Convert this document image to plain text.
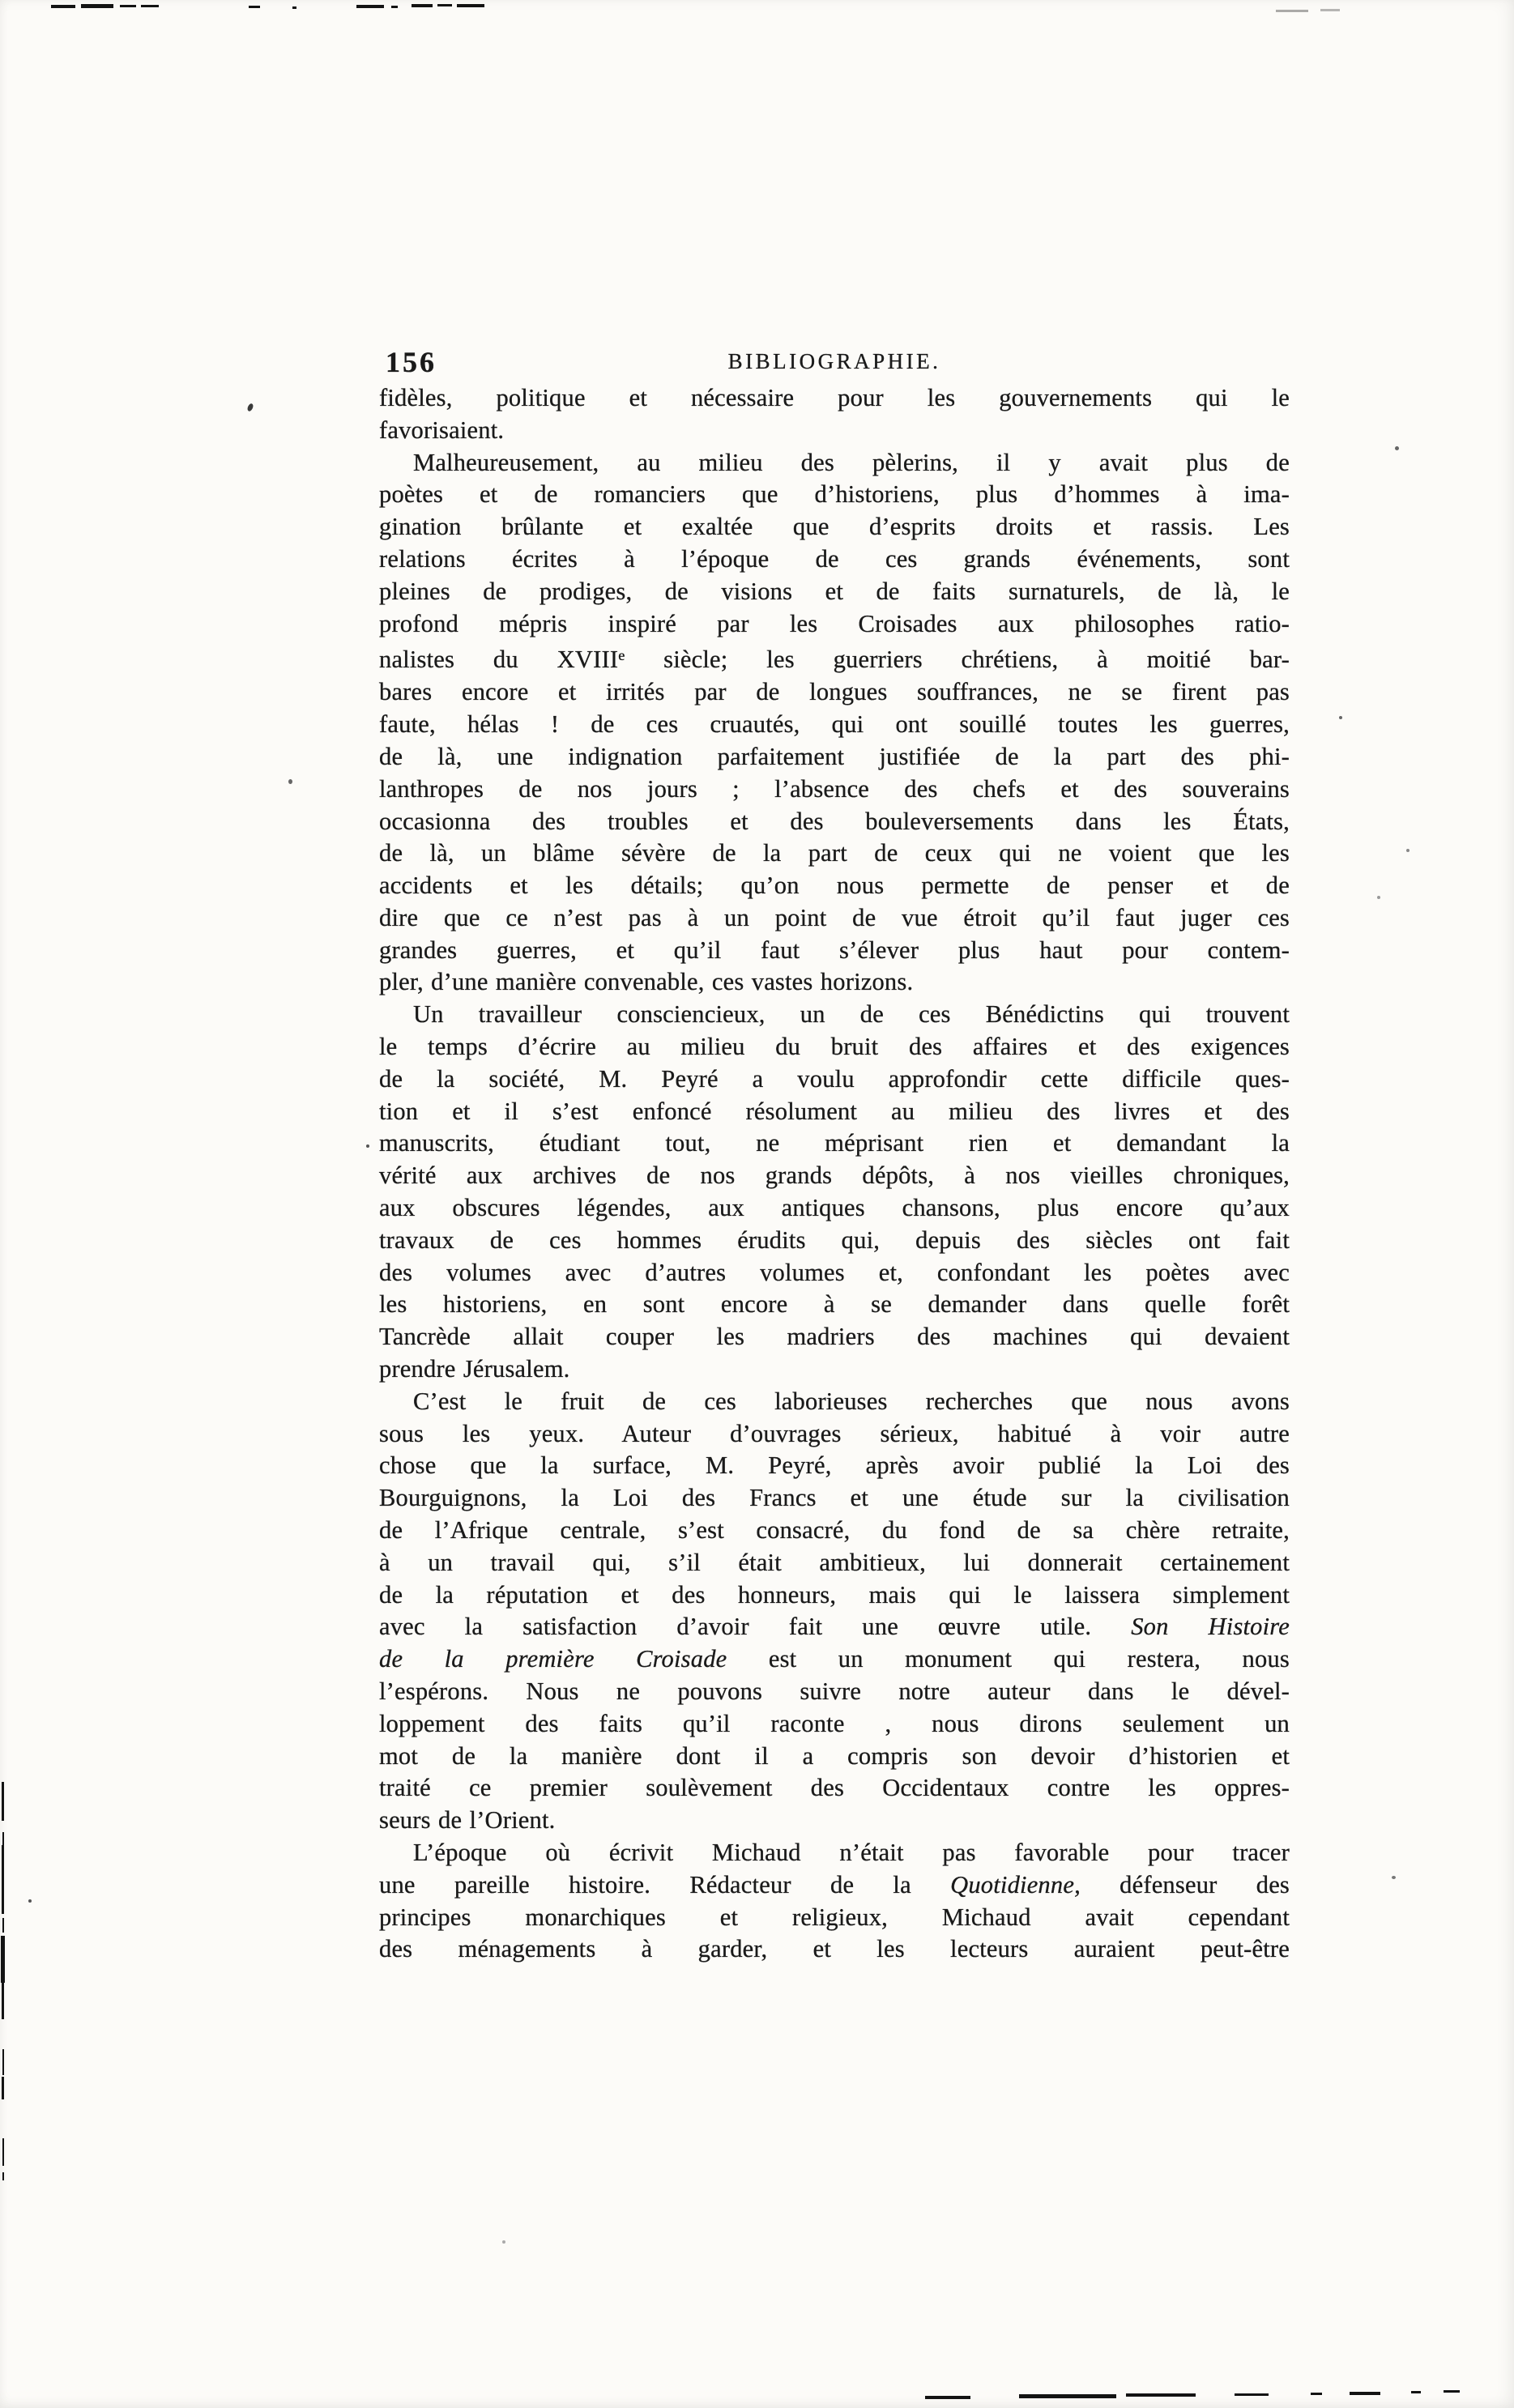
156	BIBLIOGRAPHIE.
fidèles, politique et nécessaire pour les gouvernements qui le
favorisaient.
Malheureusement, au milieu des pèlerins, il y avait plus de
poètes et de romanciers que d’historiens, plus d’hommes à ima-
gination brûlante et exaltée que d’esprits droits et rassis. Les
relations écrites à l’époque de ces grands événements, sont
pleines de prodiges, de visions et de faits surnaturels, de là, le
profond mépris inspiré par les Croisades aux philosophes ratio-
nalistes du XVIIIe siècle; les guerriers chrétiens, à moitié bar-
bares encore et irrités par de longues souffrances, ne se firent pas
faute, hélas ! de ces cruautés, qui ont souillé toutes les guerres,
de là, une indignation parfaitement justifiée de la part des phi-
lanthropes de nos jours ; l’absence des chefs et des souverains
occasionna des troubles et des bouleversements dans les États,
de là, un blâme sévère de la part de ceux qui ne voient que les
accidents et les détails; qu’on nous permette de penser et de
dire que ce n’est pas à un point de vue étroit qu’il faut juger ces
grandes guerres, et qu’il faut s’élever plus haut pour contem-
pler, d’une manière convenable, ces vastes horizons.
Un travailleur consciencieux, un de ces Bénédictins qui trouvent
le temps d’écrire au milieu du bruit des affaires et des exigences
de la société, M. Peyré a voulu approfondir cette difficile ques-
tion et il s’est enfoncé résolument au milieu des livres et des
manuscrits, étudiant tout, ne méprisant rien et demandant la
vérité aux archives de nos grands dépôts, à nos vieilles chroniques,
aux obscures légendes, aux antiques chansons, plus encore qu’aux
travaux de ces hommes érudits qui, depuis des siècles ont fait
des volumes avec d’autres volumes et, confondant les poètes avec
les historiens, en sont encore à se demander dans quelle forêt
Tancrède allait couper les madriers des machines qui devaient
prendre Jérusalem.
C’est le fruit de ces laborieuses recherches que nous avons
sous les yeux. Auteur d’ouvrages sérieux, habitué à voir autre
chose que la surface, M. Peyré, après avoir publié la Loi des
Bourguignons, la Loi des Francs et une étude sur la civilisation
de l’Afrique centrale, s’est consacré, du fond de sa chère retraite,
à un travail qui, s’il était ambitieux, lui donnerait certainement
de la réputation et des honneurs, mais qui le laissera simplement
avec la satisfaction d’avoir fait une œuvre utile. Son Histoire
de la première Croisade est un monument qui restera, nous
l’espérons. Nous ne pouvons suivre notre auteur dans le dével-
loppement des faits qu’il raconte , nous dirons seulement un
mot de la manière dont il a compris son devoir d’historien et
traité ce premier soulèvement des Occidentaux contre les oppres-
seurs de l’Orient.
L’époque où écrivit Michaud n’était pas favorable pour tracer
une pareille histoire. Rédacteur de la Quotidienne, défenseur des
principes monarchiques et religieux, Michaud avait cependant
des ménagements à garder, et les lecteurs auraient peut-être
